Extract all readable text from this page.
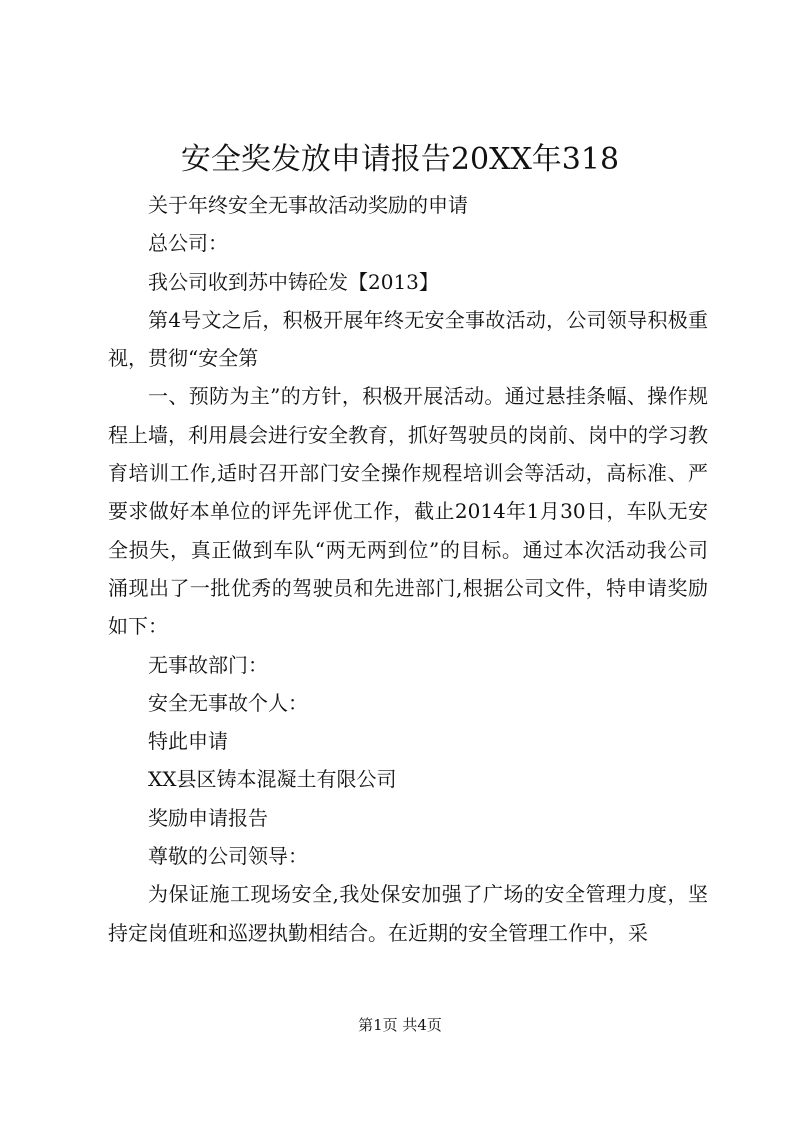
安全奖发放申请报告20XX年318

关于年终安全无事故活动奖励的申请

总公司：

我公司收到苏中铸砼发【2013】

第4号文之后，积极开展年终无安全事故活动，公司领导积极重视，贯彻“安全第

一、预防为主”的方针，积极开展活动。通过悬挂条幅、操作规程上墙，利用晨会进行安全教育，抓好驾驶员的岗前、岗中的学习教育培训工作,适时召开部门安全操作规程培训会等活动，高标准、严要求做好本单位的评先评优工作，截止2014年1月30日，车队无安全损失，真正做到车队“两无两到位”的目标。通过本次活动我公司涌现出了一批优秀的驾驶员和先进部门,根据公司文件，特申请奖励如下：

无事故部门：

安全无事故个人：

特此申请

XX县区铸本混凝土有限公司

奖励申请报告

尊敬的公司领导：

为保证施工现场安全,我处保安加强了广场的安全管理力度，坚持定岗值班和巡逻执勤相结合。在近期的安全管理工作中，采

第1页 共4页
